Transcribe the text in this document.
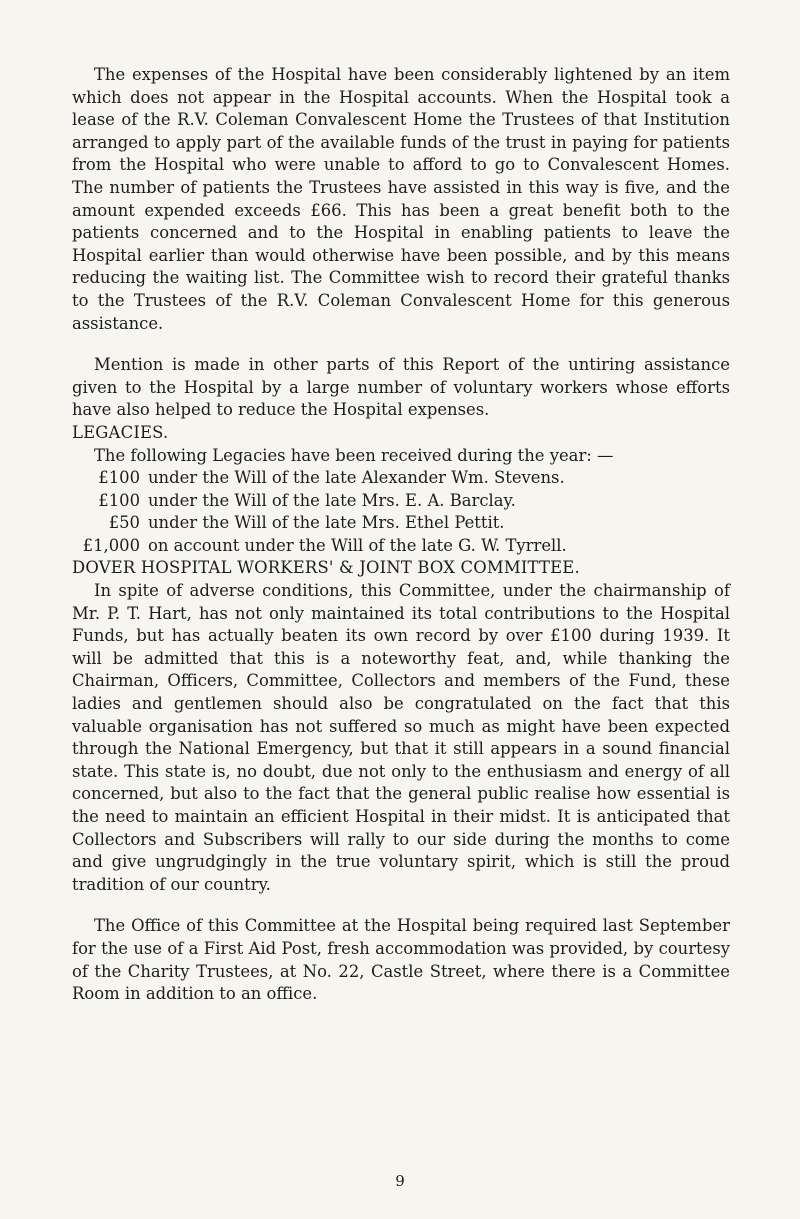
The expenses of the Hospital have been considerably lightened by an item which does not appear in the Hospital accounts. When the Hospital took a lease of the R.V. Coleman Convalescent Home the Trustees of that Institution arranged to apply part of the available funds of the trust in paying for patients from the Hospital who were unable to afford to go to Convalescent Homes. The number of patients the Trustees have assisted in this way is five, and the amount expended exceeds £66. This has been a great benefit both to the patients concerned and to the Hospital in enabling patients to leave the Hospital earlier than would otherwise have been possible, and by this means reducing the waiting list. The Committee wish to record their grateful thanks to the Trustees of the R.V. Coleman Convalescent Home for this generous assistance.

Mention is made in other parts of this Report of the untiring assistance given to the Hospital by a large number of voluntary workers whose efforts have also helped to reduce the Hospital expenses.

LEGACIES.

The following Legacies have been received during the year: —

£100 under the Will of the late Alexander Wm. Stevens.
£100 under the Will of the late Mrs. E. A. Barclay.
£50 under the Will of the late Mrs. Ethel Pettit.
£1,000 on account under the Will of the late G. W. Tyrrell.
DOVER HOSPITAL WORKERS' & JOINT BOX COMMITTEE.

In spite of adverse conditions, this Committee, under the chairmanship of Mr. P. T. Hart, has not only maintained its total contributions to the Hospital Funds, but has actually beaten its own record by over £100 during 1939. It will be admitted that this is a noteworthy feat, and, while thanking the Chairman, Officers, Committee, Collectors and members of the Fund, these ladies and gentlemen should also be congratulated on the fact that this valuable organisation has not suffered so much as might have been expected through the National Emergency, but that it still appears in a sound financial state. This state is, no doubt, due not only to the enthusiasm and energy of all concerned, but also to the fact that the general public realise how essential is the need to maintain an efficient Hospital in their midst. It is anticipated that Collectors and Subscribers will rally to our side during the months to come and give ungrudgingly in the true voluntary spirit, which is still the proud tradition of our country.

The Office of this Committee at the Hospital being required last September for the use of a First Aid Post, fresh accommodation was provided, by courtesy of the Charity Trustees, at No. 22, Castle Street, where there is a Committee Room in addition to an office.

9
